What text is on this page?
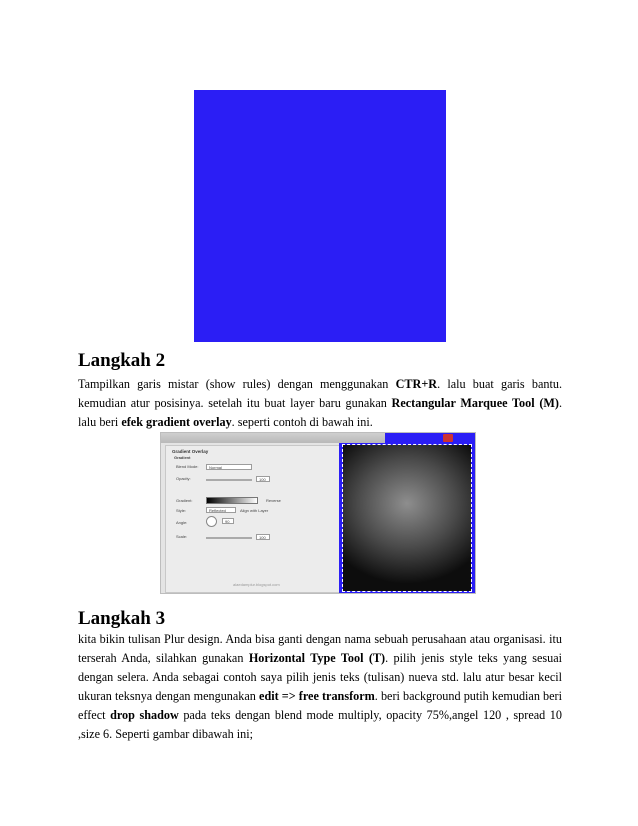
Langkah 2
Tampilkan garis mistar (show rules) dengan menggunakan CTR+R. lalu buat garis bantu. kemudian atur posisinya. setelah itu buat layer baru gunakan Rectangular Marquee Tool (M). lalu beri efek gradient overlay. seperti contoh di bawah ini.
Gradient Overlay
Gradient
Blend Mode:	Normal
Opacity:	100
Gradient:	Reverse
Style:	Reflected	Align with Layer
Angle:	90
Scale:	100
alaedamplur.blogspot.com
Langkah 3
kita bikin tulisan Plur design. Anda bisa ganti dengan nama sebuah perusahaan atau organisasi. itu terserah Anda, silahkan gunakan Horizontal Type Tool (T). pilih jenis style teks yang sesuai dengan selera. Anda sebagai contoh saya pilih jenis teks (tulisan) nueva std. lalu atur besar kecil ukuran teksnya dengan mengunakan edit => free transform. beri background putih kemudian beri effect drop shadow pada teks dengan blend mode multiply, opacity 75%,angel 120 , spread 10 ,size 6. Seperti gambar dibawah ini;
